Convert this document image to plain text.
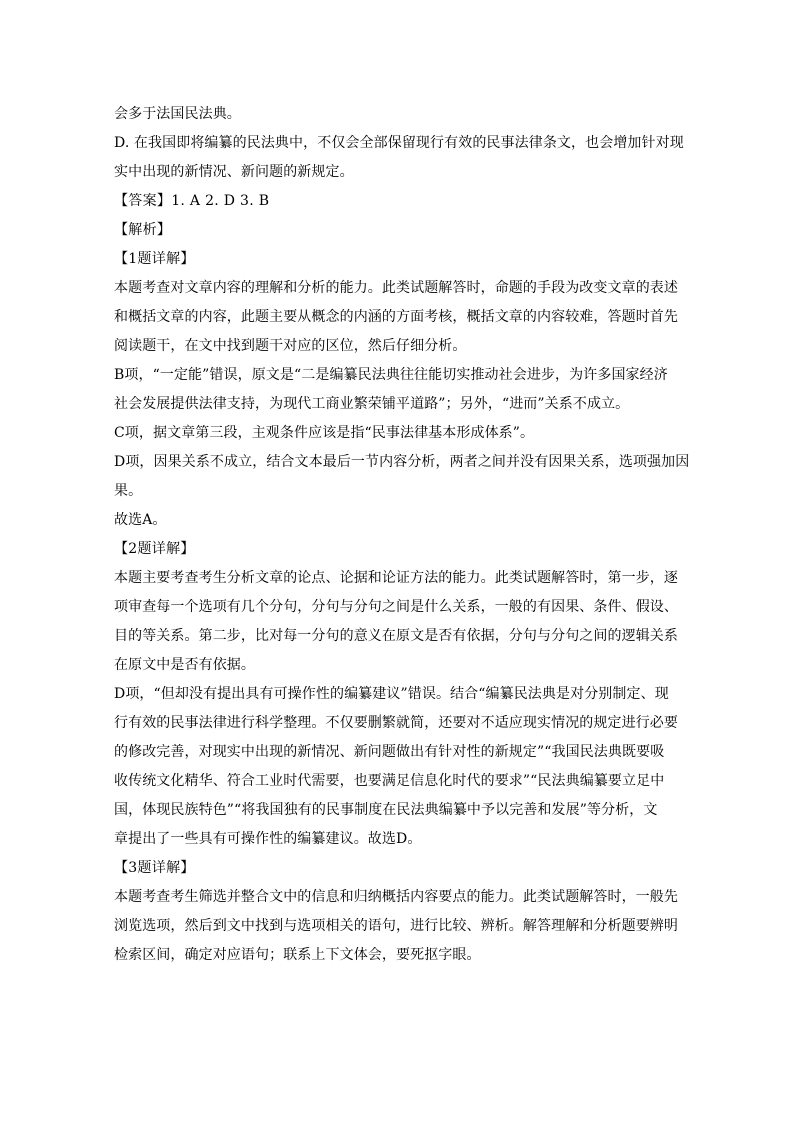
会多于法国民法典。
D. 在我国即将编纂的民法典中，不仅会全部保留现行有效的民事法律条文，也会增加针对现
实中出现的新情况、新问题的新规定。
【答案】1. A 2. D 3. B
【解析】
【1题详解】
本题考查对文章内容的理解和分析的能力。此类试题解答时，命题的手段为改变文章的表述
和概括文章的内容，此题主要从概念的内涵的方面考核，概括文章的内容较难，答题时首先
阅读题干，在文中找到题干对应的区位，然后仔细分析。
B项，“一定能”错误，原文是“二是编纂民法典往往能切实推动社会进步，为许多国家经济
社会发展提供法律支持，为现代工商业繁荣铺平道路”；另外，“进而”关系不成立。
C项，据文章第三段，主观条件应该是指“民事法律基本形成体系”。
D项，因果关系不成立，结合文本最后一节内容分析，两者之间并没有因果关系，选项强加因
果。
故选A。
【2题详解】
本题主要考查考生分析文章的论点、论据和论证方法的能力。此类试题解答时，第一步，逐
项审查每一个选项有几个分句，分句与分句之间是什么关系，一般的有因果、条件、假设、
目的等关系。第二步，比对每一分句的意义在原文是否有依据，分句与分句之间的逻辑关系
在原文中是否有依据。
D项，“但却没有提出具有可操作性的编纂建议”错误。结合“编纂民法典是对分别制定、现
行有效的民事法律进行科学整理。不仅要删繁就简，还要对不适应现实情况的规定进行必要
的修改完善，对现实中出现的新情况、新问题做出有针对性的新规定”“我国民法典既要吸
收传统文化精华、符合工业时代需要，也要满足信息化时代的要求”“民法典编纂要立足中
国，体现民族特色”“将我国独有的民事制度在民法典编纂中予以完善和发展”等分析，文
章提出了一些具有可操作性的编纂建议。故选D。
【3题详解】
本题考查考生筛选并整合文中的信息和归纳概括内容要点的能力。此类试题解答时，一般先
浏览选项，然后到文中找到与选项相关的语句，进行比较、辨析。解答理解和分析题要辨明
检索区间，确定对应语句；联系上下文体会，要死抠字眼。
